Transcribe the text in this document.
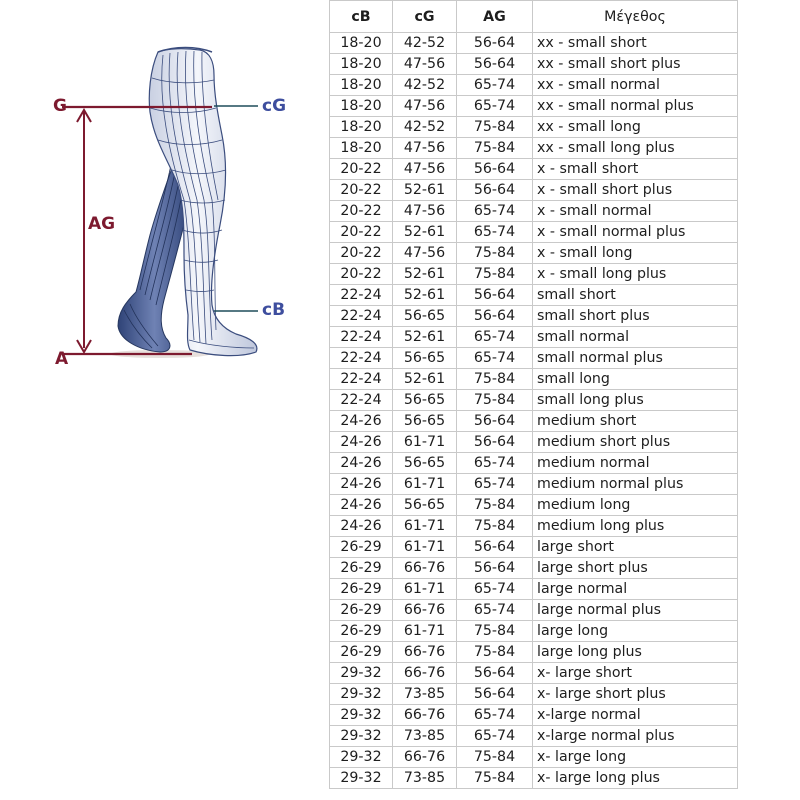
G
AG
A
cG
cB
cB	cG	AG	Μέγεθος
18-20	42-52	56-64	xx - small short
18-20	47-56	56-64	xx - small short plus
18-20	42-52	65-74	xx - small normal
18-20	47-56	65-74	xx - small normal plus
18-20	42-52	75-84	xx - small long
18-20	47-56	75-84	xx - small long plus
20-22	47-56	56-64	x - small short
20-22	52-61	56-64	x - small short plus
20-22	47-56	65-74	x - small normal
20-22	52-61	65-74	x - small normal plus
20-22	47-56	75-84	x - small long
20-22	52-61	75-84	x - small long plus
22-24	52-61	56-64	small short
22-24	56-65	56-64	small short plus
22-24	52-61	65-74	small normal
22-24	56-65	65-74	small normal plus
22-24	52-61	75-84	small long
22-24	56-65	75-84	small long plus
24-26	56-65	56-64	medium short
24-26	61-71	56-64	medium short plus
24-26	56-65	65-74	medium normal
24-26	61-71	65-74	medium normal plus
24-26	56-65	75-84	medium long
24-26	61-71	75-84	medium long plus
26-29	61-71	56-64	large short
26-29	66-76	56-64	large short plus
26-29	61-71	65-74	large normal
26-29	66-76	65-74	large normal plus
26-29	61-71	75-84	large long
26-29	66-76	75-84	large long plus
29-32	66-76	56-64	x- large short
29-32	73-85	56-64	x- large short plus
29-32	66-76	65-74	x-large normal
29-32	73-85	65-74	x-large normal plus
29-32	66-76	75-84	x- large long
29-32	73-85	75-84	x- large long plus
